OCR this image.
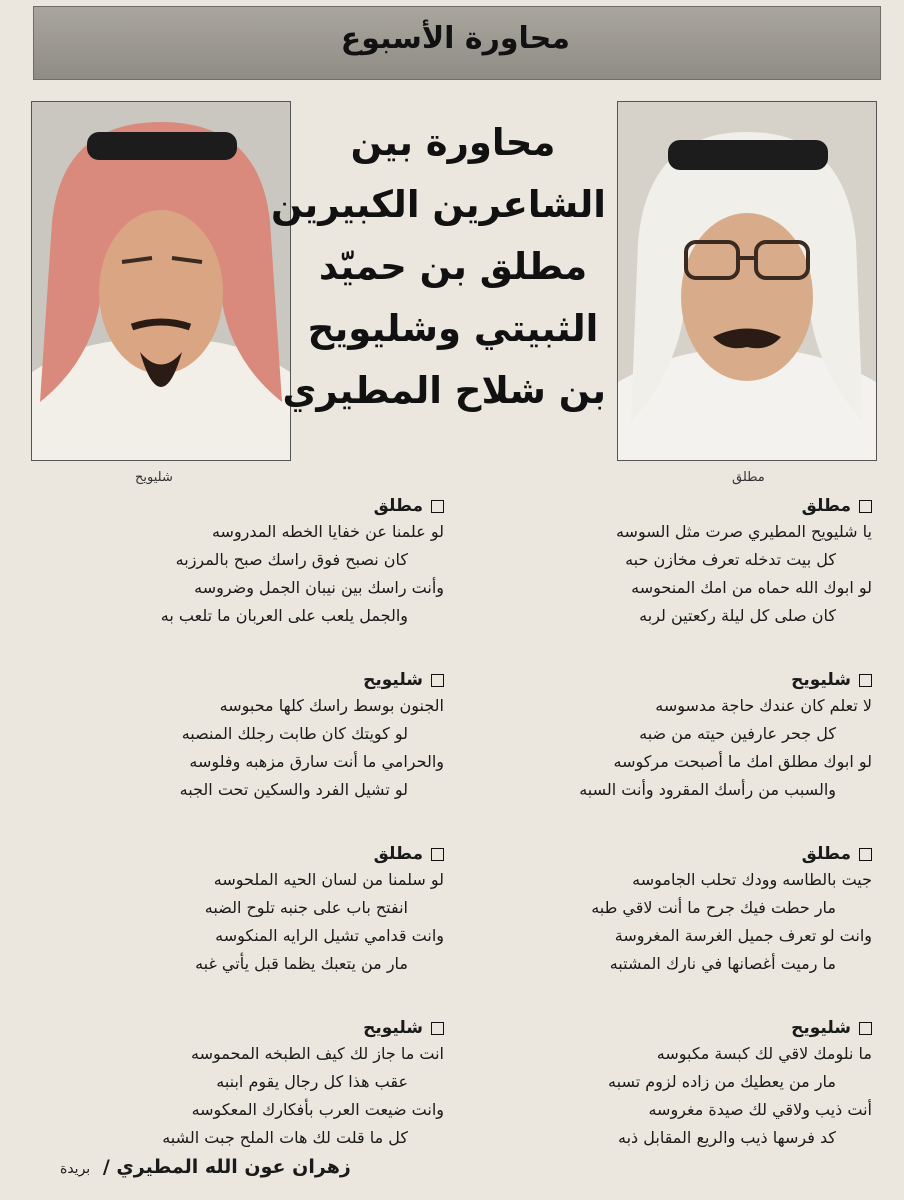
محاورة الأسبوع
محاورة بين
الشاعرين الكبيرين
مطلق بن حميّد
الثبيتي وشليويح
بن شلاح المطيري
شليويح	مطلق
مطلق
يا شليويح المطيري صرت مثل السوسه
كل بيت تدخله تعرف مخازن حبه
لو ابوك الله حماه من امك المنحوسه
كان صلى كل ليلة ركعتين لربه
شليويح
لا تعلم كان عندك حاجة مدسوسه
كل جحر عارفين حيته من ضبه
لو ابوك مطلق امك ما أصبحت مركوسه
والسبب من رأسك المقرود وأنت السبه
مطلق
جيت بالطاسه وودك تحلب الجاموسه
مار حطت فيك جرح ما أنت لاقي طبه
وانت لو تعرف جميل الغرسة المغروسة
ما رميت أغصانها في نارك المشتبه
شليويح
ما نلومك لاقي لك كبسة مكبوسه
مار من يعطيك من زاده لزوم تسبه
أنت ذيب ولاقي لك صيدة مغروسه
كد فرسها ذيب والريع المقابل ذبه
مطلق
لو علمنا عن خفايا الخطه المدروسه
كان نصبح فوق راسك صبح بالمرزبه
وأنت راسك بين نيبان الجمل وضروسه
والجمل يلعب على العربان ما تلعب به
شليويح
الجنون بوسط راسك كلها محبوسه
لو كويتك كان طابت رجلك المنصبه
والحرامي ما أنت سارق مزهبه وفلوسه
لو تشيل الفرد والسكين تحت الجبه
مطلق
لو سلمنا من لسان الحيه الملحوسه
انفتح باب على جنبه تلوح الضبه
وانت قدامي تشيل الرايه المنكوسه
مار من يتعبك يظما قبل يأتي غبه
شليويح
انت ما جاز لك كيف الطبخه المحموسه
عقب هذا كل رجال يقوم ابنبه
وانت ضيعت العرب بأفكارك المعكوسه
كل ما قلت لك هات الملح جبت الشبه
زهران عون الله المطيري / بريدة
